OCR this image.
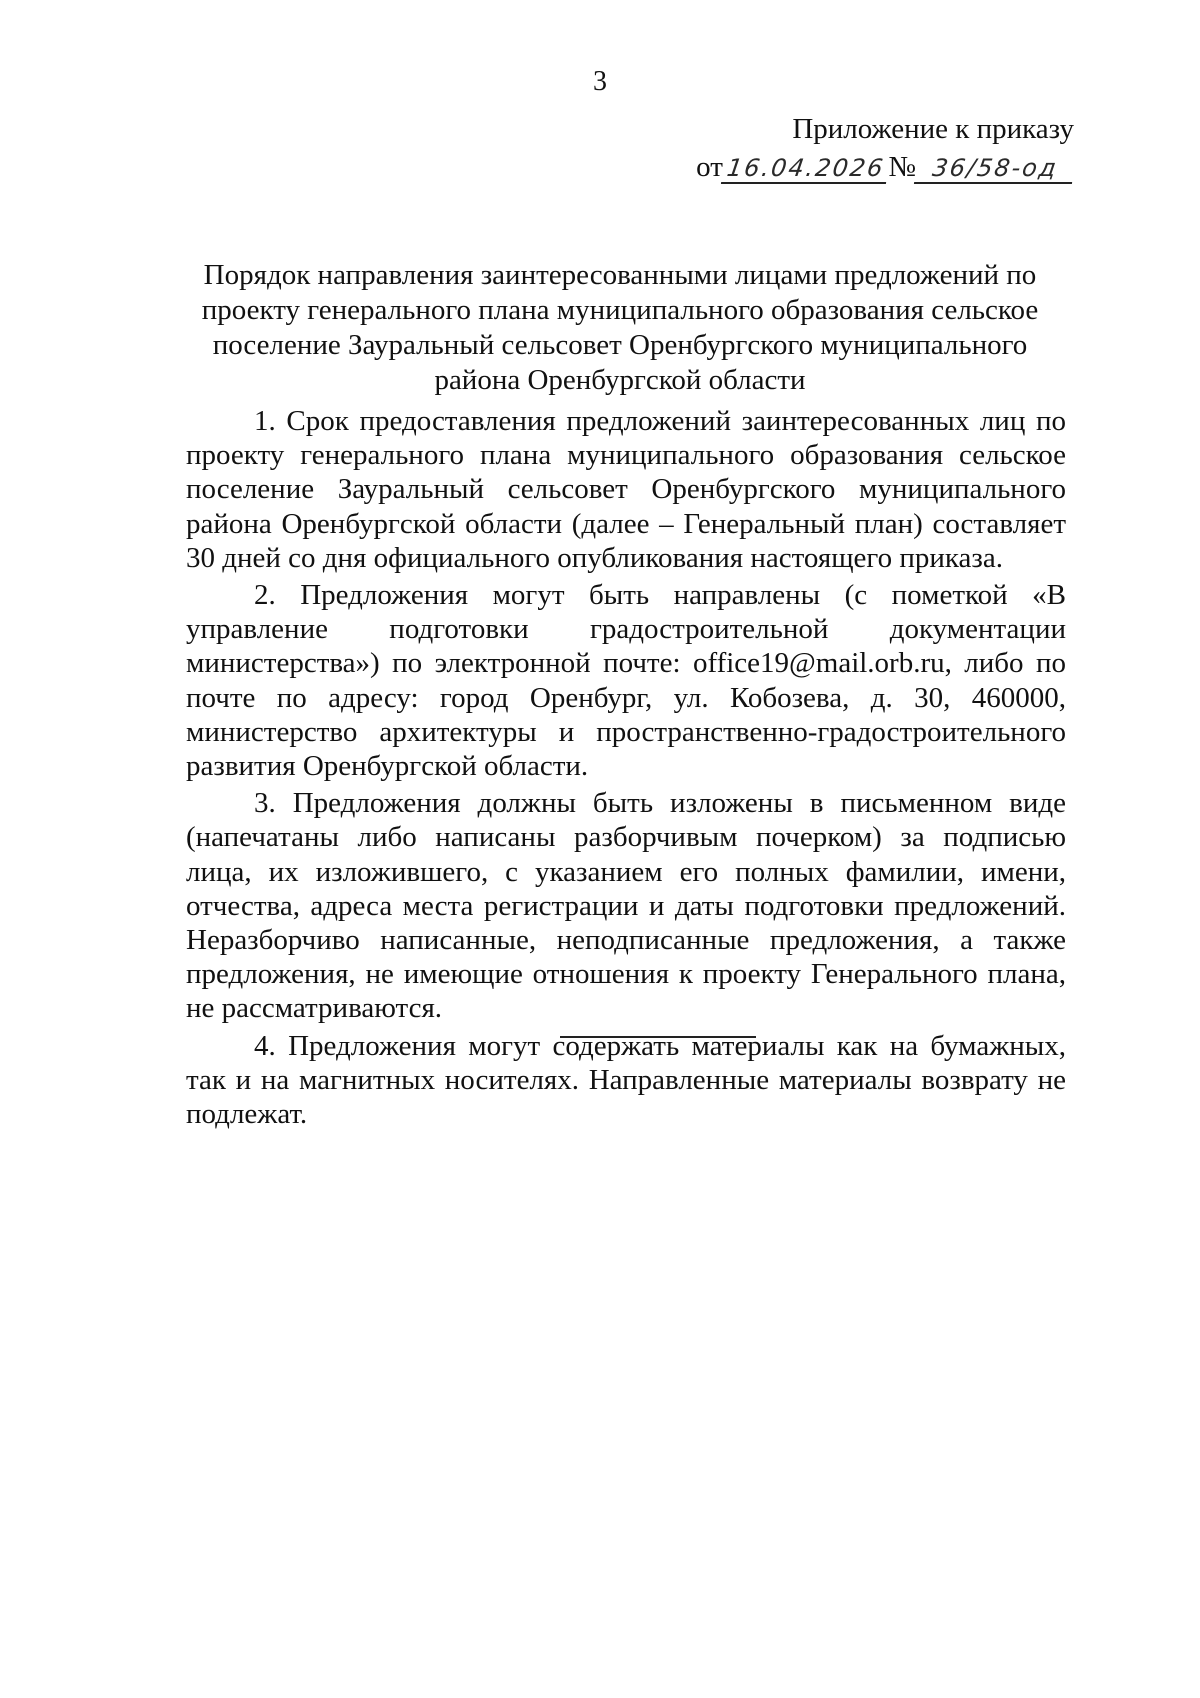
3
Приложение к приказу
от 16.04.2026 № 36/58-од
Порядок направления заинтересованными лицами предложений по проекту генерального плана муниципального образования сельское поселение Зауральный сельсовет Оренбургского муниципального района Оренбургской области

1. Срок предоставления предложений заинтересованных лиц по проекту генерального плана муниципального образования сельское поселение Зауральный сельсовет Оренбургского муниципального района Оренбургской области (далее – Генеральный план) составляет 30 дней со дня официального опубликования настоящего приказа.

2. Предложения могут быть направлены (с пометкой «В управление подготовки градостроительной документации министерства») по электронной почте: office19@mail.orb.ru, либо по почте по адресу: город Оренбург, ул. Кобозева, д. 30, 460000, министерство архитектуры и пространственно-градостроительного развития Оренбургской области.

3. Предложения должны быть изложены в письменном виде (напечатаны либо написаны разборчивым почерком) за подписью лица, их изложившего, с указанием его полных фамилии, имени, отчества, адреса места регистрации и даты подготовки предложений. Неразборчиво написанные, неподписанные предложения, а также предложения, не имеющие отношения к проекту Генерального плана, не рассматриваются.

4. Предложения могут содержать материалы как на бумажных, так и на магнитных носителях. Направленные материалы возврату не подлежат.
